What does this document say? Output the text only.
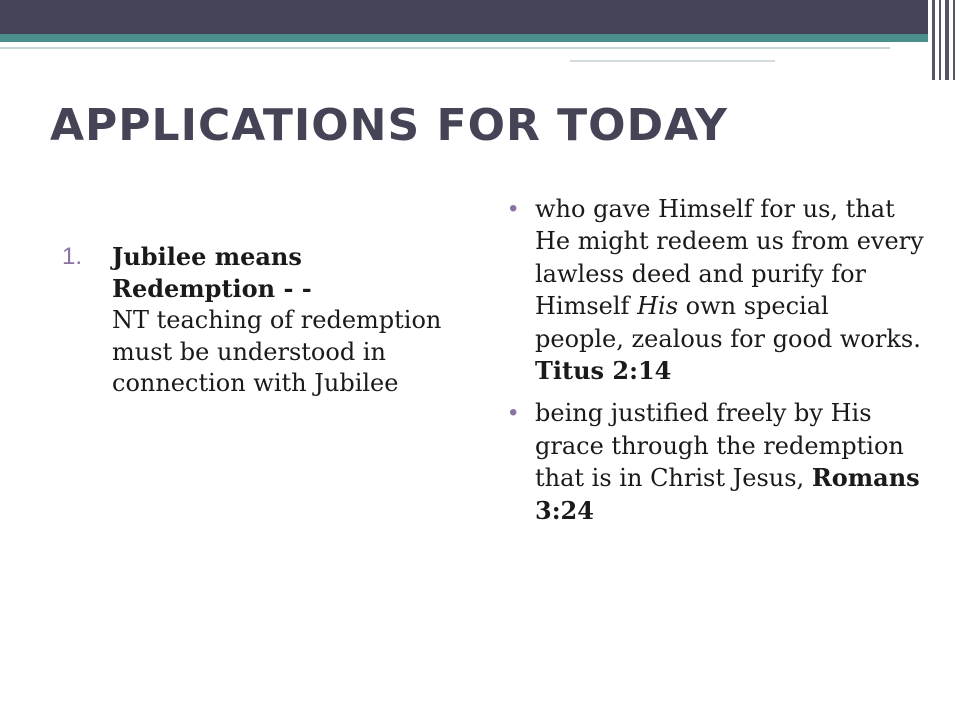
APPLICATIONS FOR TODAY
1. Jubilee means
Redemption - -
NT teaching of redemption must be understood in connection with Jubilee
• who gave Himself for us, that He might redeem us from every lawless deed and purify for Himself His own special people, zealous for good works. Titus 2:14
• being justified freely by His grace through the redemption that is in Christ Jesus, Romans 3:24
